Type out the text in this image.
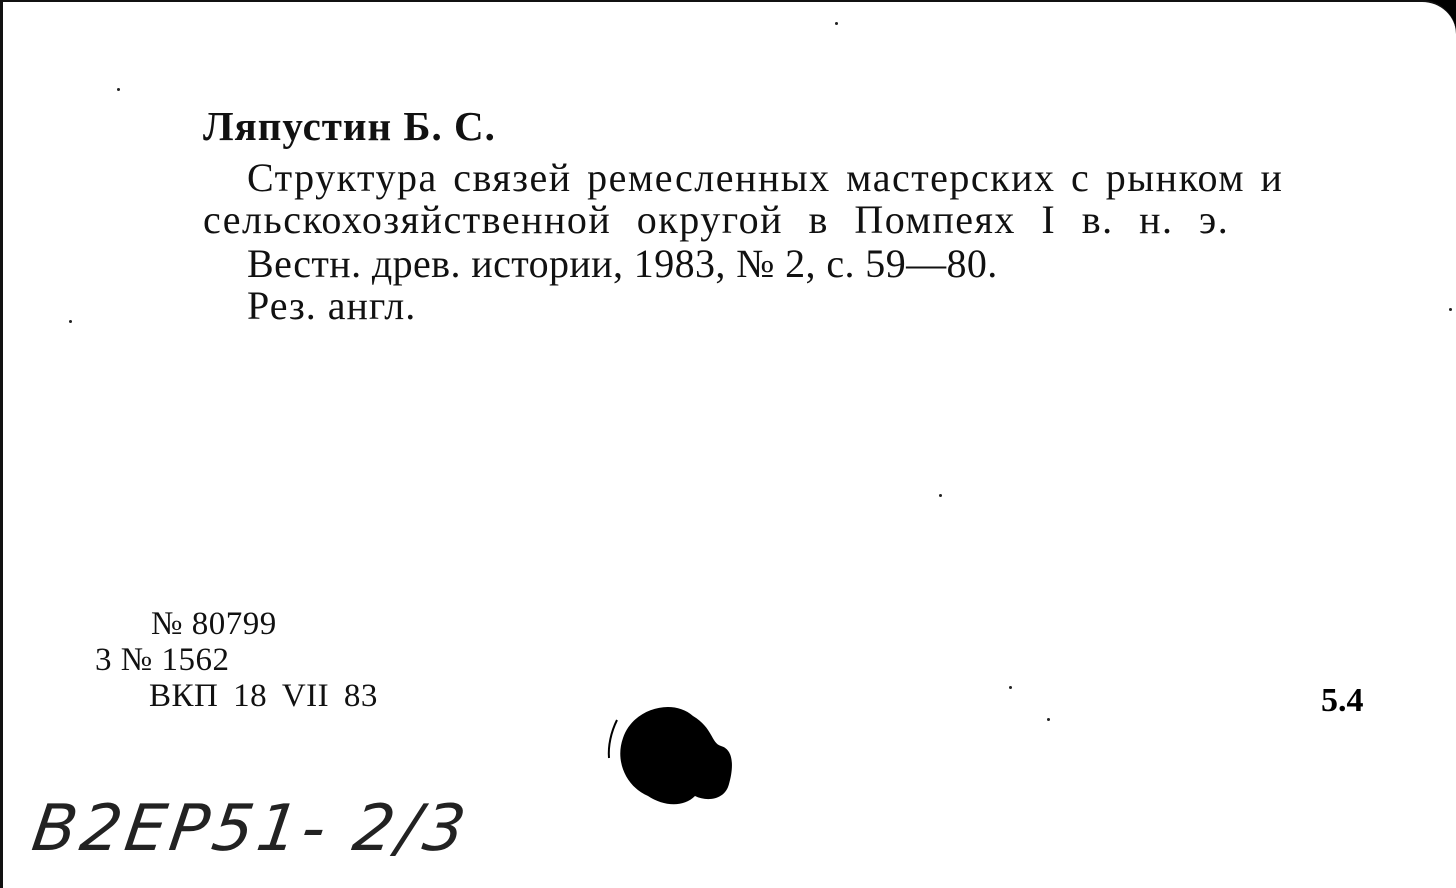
Ляпустин Б. С.
Структура связей ремесленных мастерских с рынком и
сельскохозяйственной округой в Помпеях I в. н. э.
Вестн. древ. истории, 1983, № 2, с. 59—80.
Рез. англ.
№ 80799
3 № 1562
ВКП 18 VII 83	5.4
B2EP51- 2/3
